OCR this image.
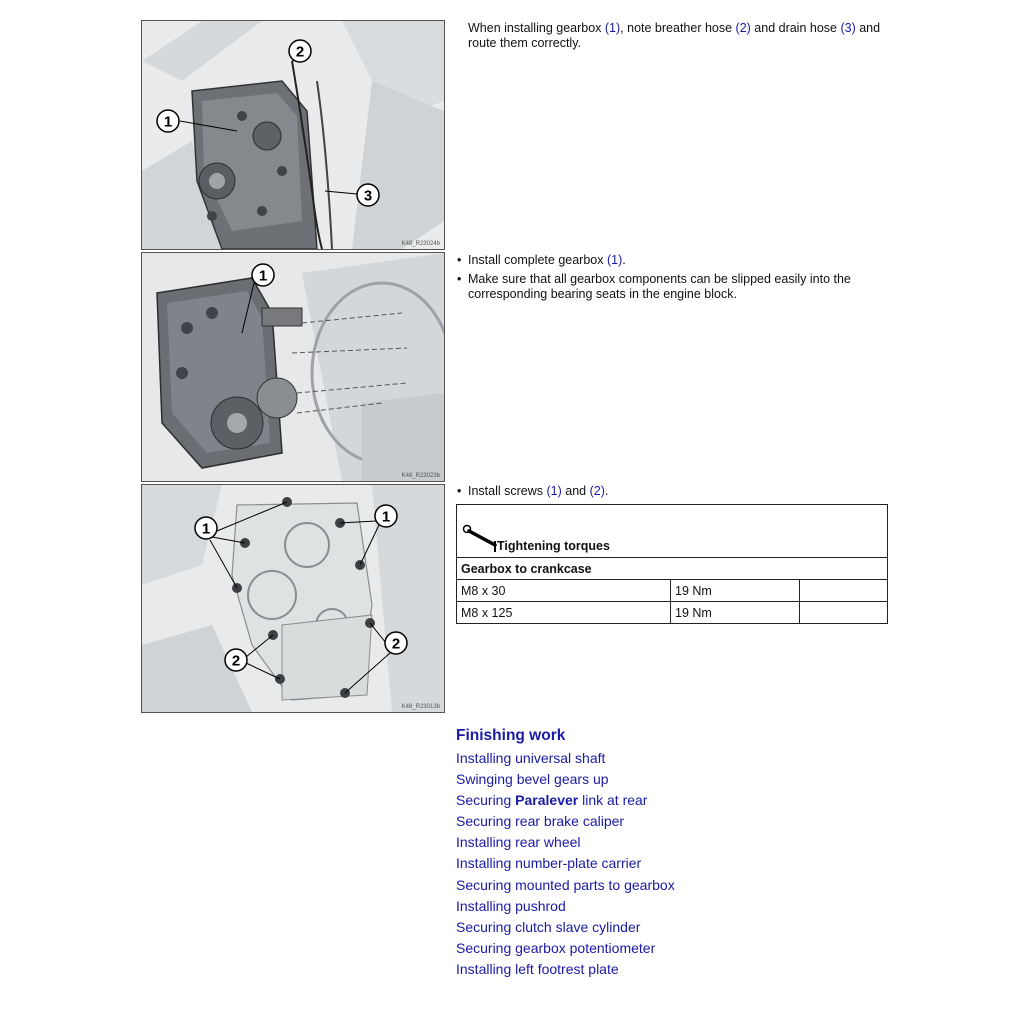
1
2
3
K48_R23024b
1
K48_R23023b
1
1
2
2
K48_R23013b
When installing gearbox (1), note breather hose (2) and drain hose (3) and route them correctly.
• Install complete gearbox (1).
• Make sure that all gearbox components can be slipped easily into the corresponding bearing seats in the engine block.
• Install screws (1) and (2).
Tightening torques		
Gearbox to crankcase		
M8 x 30	19 Nm	
M8 x 125	19 Nm	
Finishing work
Installing universal shaft
Swinging bevel gears up
Securing Paralever link at rear
Securing rear brake caliper
Installing rear wheel
Installing number-plate carrier
Securing mounted parts to gearbox
Installing pushrod
Securing clutch slave cylinder
Securing gearbox potentiometer
Installing left footrest plate
